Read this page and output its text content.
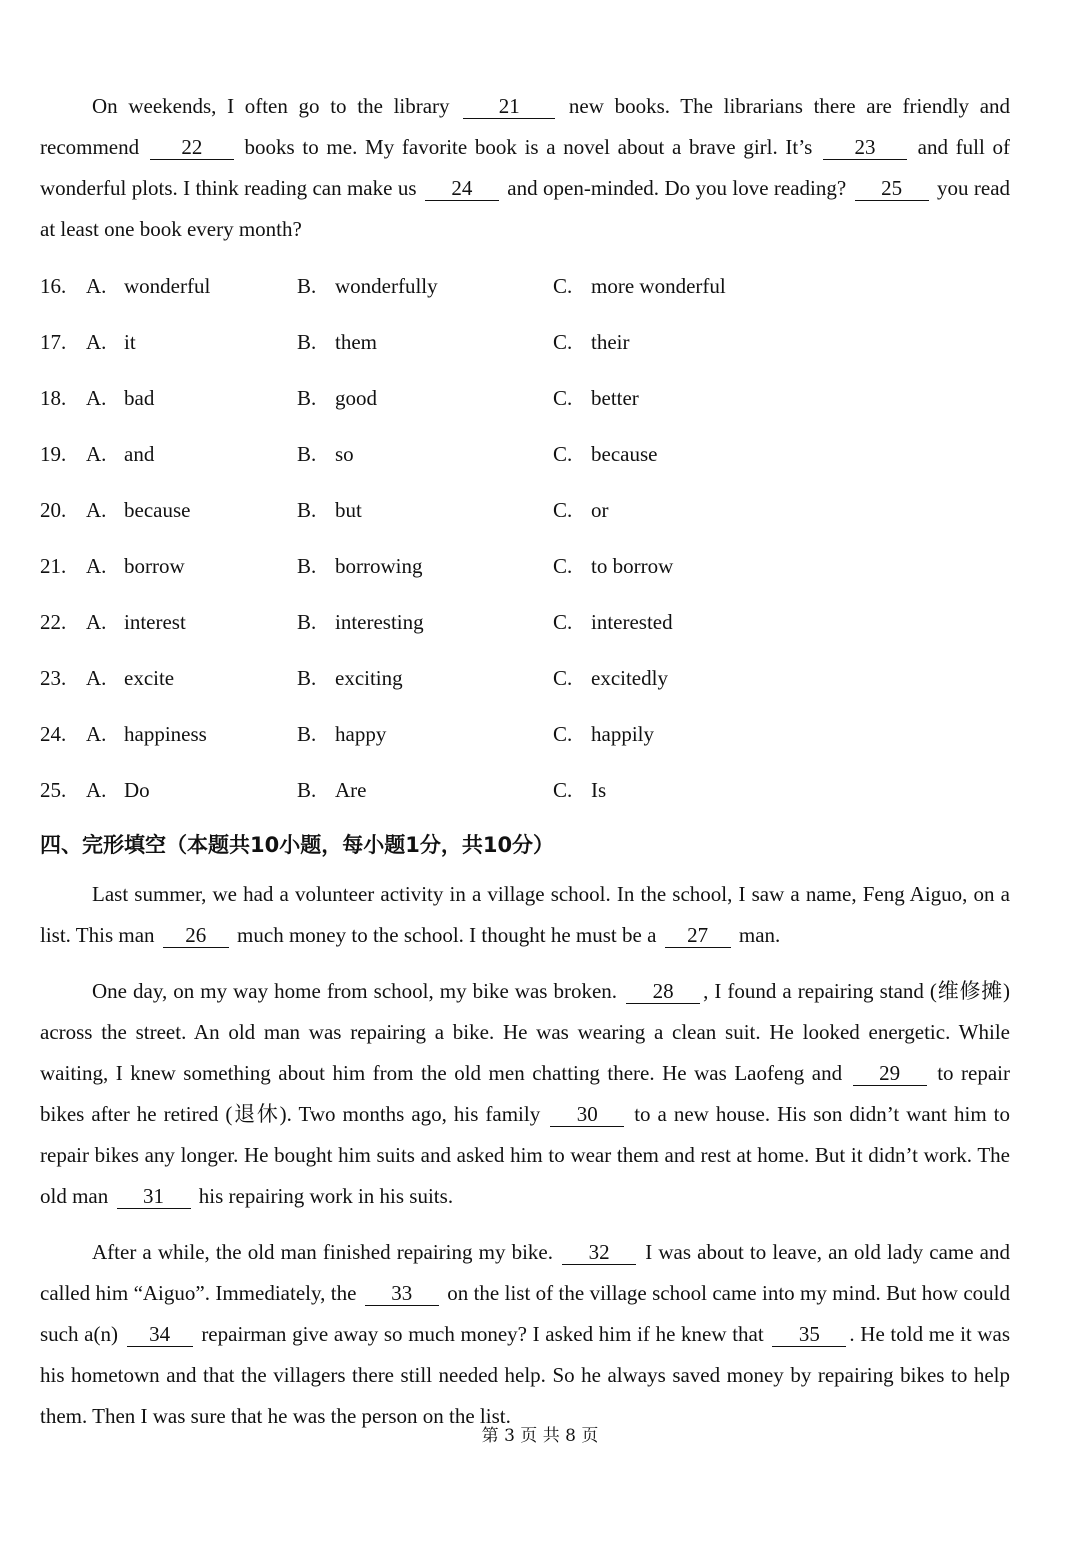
On weekends, I often go to the library 21 new books. The librarians there are friendly and recommend 22 books to me. My favorite book is a novel about a brave girl. It’s 23 and full of wonderful plots. I think reading can make us 24 and open-minded. Do you love reading? 25 you read at least one book every month?
16. A. wonderful	B. wonderfully	C. more wonderful
17. A. it	B. them	C. their
18. A. bad	B. good	C. better
19. A. and	B. so	C. because
20. A. because	B. but	C. or
21. A. borrow	B. borrowing	C. to borrow
22. A. interest	B. interesting	C. interested
23. A. excite	B. exciting	C. excitedly
24. A. happiness	B. happy	C. happily
25. A. Do	B. Are	C. Is
四、完形填空（本题共10小题，每小题1分，共10分）
Last summer, we had a volunteer activity in a village school. In the school, I saw a name, Feng Aiguo, on a list. This man 26 much money to the school. I thought he must be a 27 man.
One day, on my way home from school, my bike was broken. 28 , I found a repairing stand (维修摊) across the street. An old man was repairing a bike. He was wearing a clean suit. He looked energetic. While waiting, I knew something about him from the old men chatting there. He was Laofeng and 29 to repair bikes after he retired (退休). Two months ago, his family 30 to a new house. His son didn’t want him to repair bikes any longer. He bought him suits and asked him to wear them and rest at home. But it didn’t work. The old man 31 his repairing work in his suits.
After a while, the old man finished repairing my bike. 32 I was about to leave, an old lady came and called him “Aiguo”. Immediately, the 33 on the list of the village school came into my mind. But how could such a(n) 34 repairman give away so much money? I asked him if he knew that 35 . He told me it was his hometown and that the villagers there still needed help. So he always saved money by repairing bikes to help them. Then I was sure that he was the person on the list.
第 3 页 共 8 页
